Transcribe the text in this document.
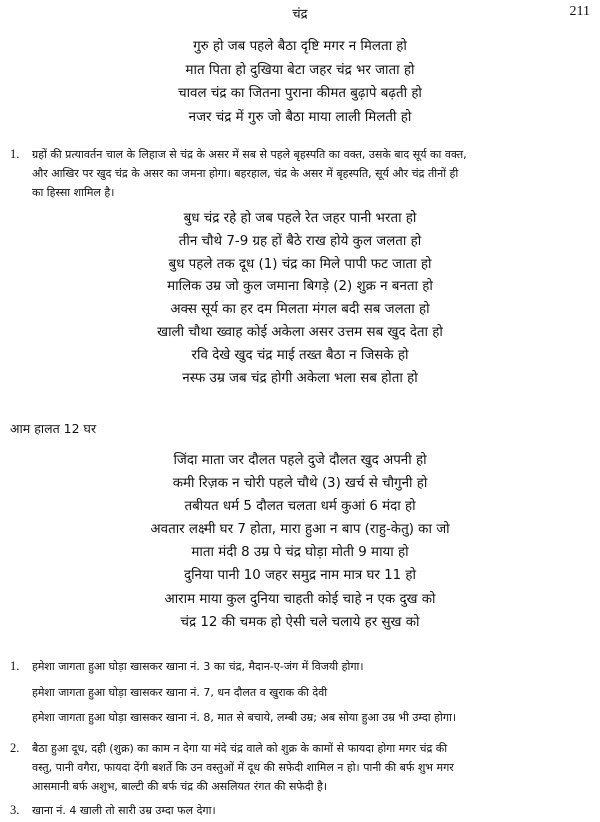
चंद्र	211
गुरु हो जब पहले बैठा दृष्टि मगर न मिलता हो
मात पिता हो दुखिया बेटा जहर चंद्र भर जाता हो
चावल चंद्र का जितना पुराना कीमत बुढ़ापे बढ़ती हो
नजर चंद्र में गुरु जो बैठा माया लाली मिलती हो
1. ग्रहों की प्रत्यावर्तन चाल के लिहाज से चंद्र के असर में सब से पहले बृहस्पति का वक्त, उसके बाद सूर्य का वक्त,
और आखिर पर खुद चंद्र के असर का जमना होगा। बहरहाल, चंद्र के असर में बृहस्पति, सूर्य और चंद्र तीनों ही
का हिस्सा शामिल है।
बुध चंद्र रहे हो जब पहले रेत जहर पानी भरता हो
तीन चौथे 7-9 ग्रह हों बैठे राख होये कुल जलता हो
बुध पहले तक दूध (1) चंद्र का मिले पापी फट जाता हो
मालिक उम्र जो कुल जमाना बिगड़े (2) शुक्र न बनता हो
अक्स सूर्य का हर दम मिलता मंगल बदी सब जलता हो
खाली चौथा ख्वाह कोई अकेला असर उत्तम सब खुद देता हो
रवि देखे खुद चंद्र माई तख्त बैठा न जिसके हो
नस्फ उम्र जब चंद्र होगी अकेला भला सब होता हो
आम हालत 12 घर
जिंदा माता जर दौलत पहले दुजे दौलत खुद अपनी हो
कमी रिज़क न चोरी पहले चौथे (3) खर्च से चौगुनी हो
तबीयत धर्म 5 दौलत चलता धर्म कुआं 6 मंदा हो
अवतार लक्ष्मी घर 7 होता, मारा हुआ न बाप (राहु-केतु) का जो
माता मंदी 8 उम्र पे चंद्र घोड़ा मोती 9 माया हो
दुनिया पानी 10 जहर समुद्र नाम मात्र घर 11 हो
आराम माया कुल दुनिया चाहती कोई चाहे न एक दुख को
चंद्र 12 की चमक हो ऐसी चले चलाये हर सुख को
1. हमेशा जागता हुआ घोड़ा खासकर खाना नं. 3 का चंद्र, मैदान-ए-जंग में विजयी होगा।
हमेशा जागता हुआ घोड़ा खासकर खाना नं. 7, धन दौलत व खुराक की देवी
हमेशा जागता हुआ घोड़ा खासकर खाना नं. 8, मात से बचाये, लम्बी उम्र; अब सोया हुआ उम्र भी उम्दा होगा।
2. बैठा हुआ दूध, दही (शुक्र) का काम न देगा या मंदे चंद्र वाले को शुक्र के कामों से फायदा होगा मगर चंद्र की
वस्तु, पानी वगैरा, फायदा देंगी बशर्ते कि उन वस्तुओं में दूध की सफेदी शामिल न हो। पानी की बर्फ शुभ मगर
आसमानी बर्फ अशुभ, बाल्टी की बर्फ चंद्र की असलियत रंगत की सफेदी है।
3. खाना नं. 4 खाली तो सारी उम्र उम्दा फल देगा।
